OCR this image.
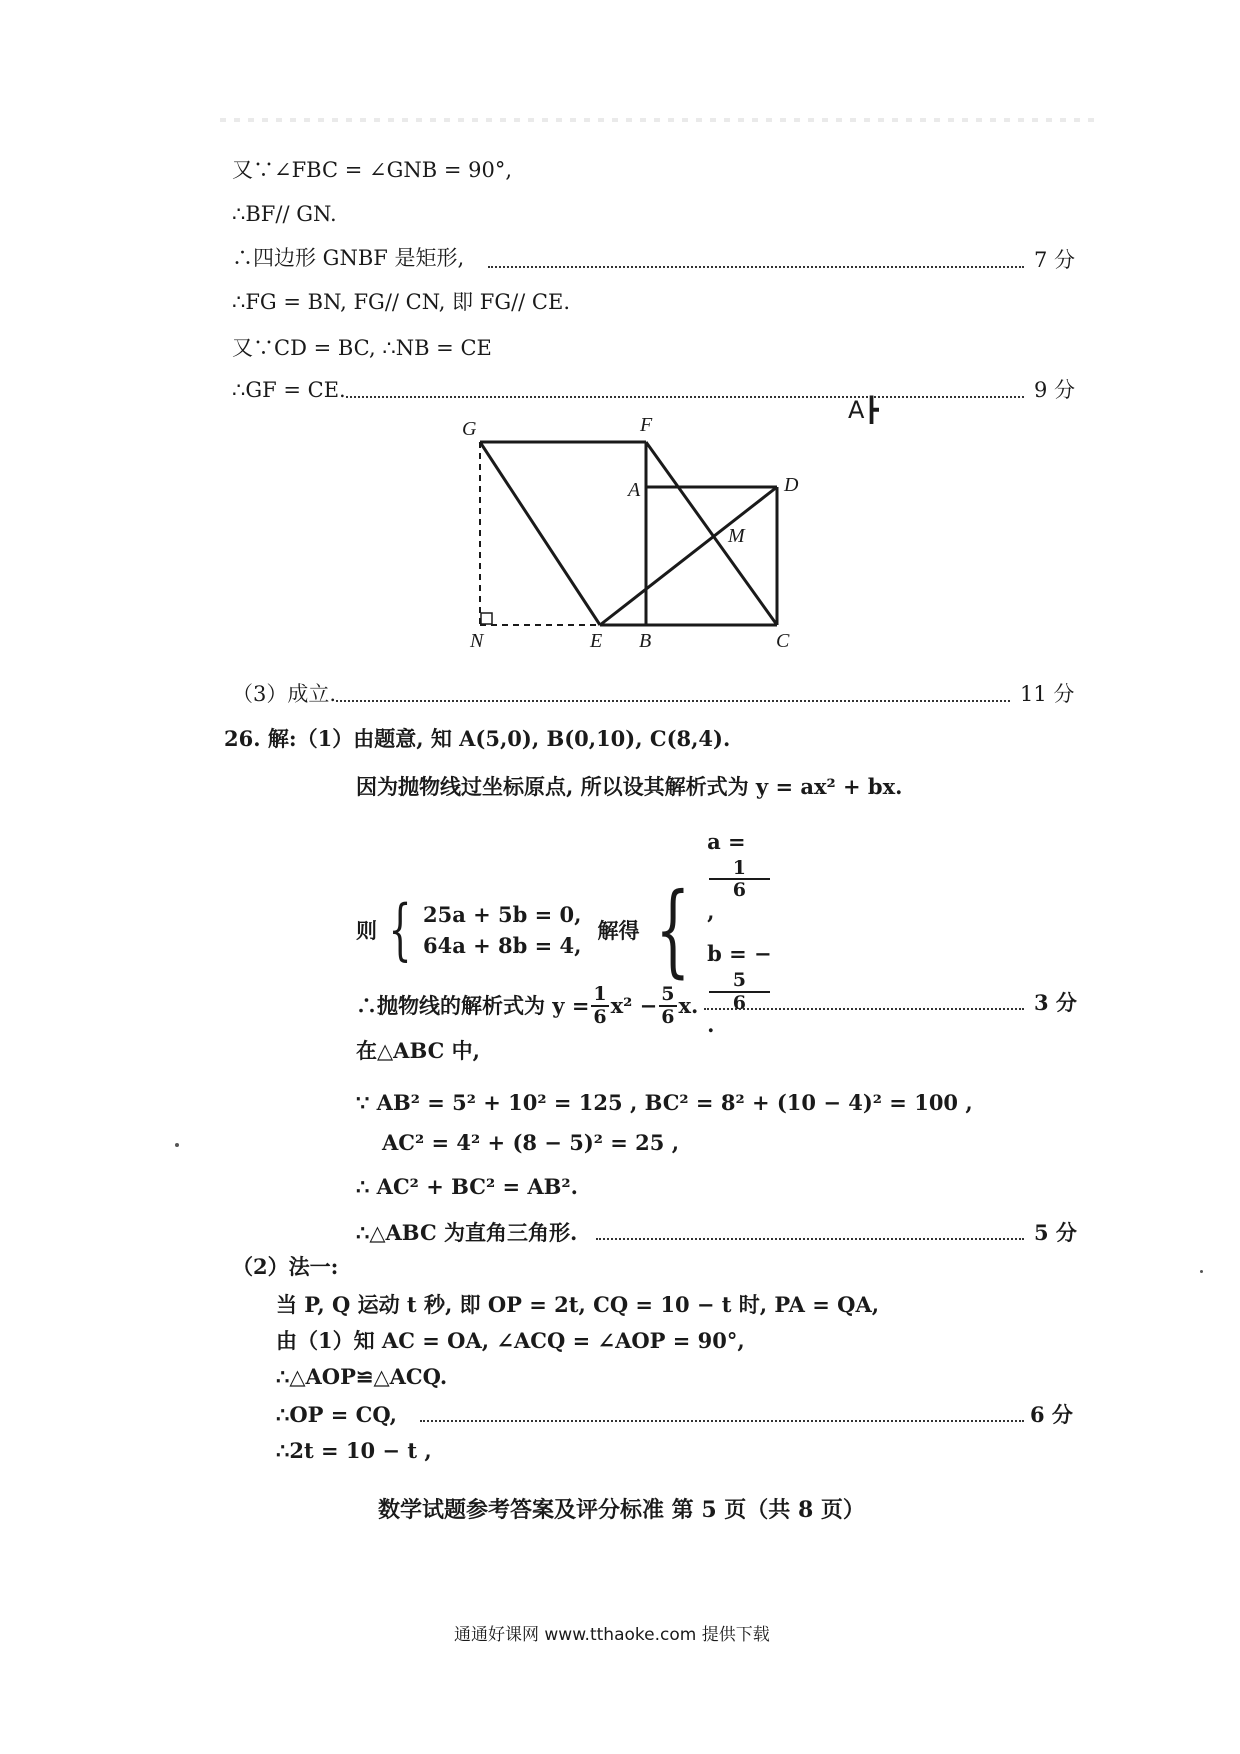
又∵∠FBC = ∠GNB = 90°,
∴BF// GN.
∴四边形 GNBF 是矩形,	7 分
∴FG = BN, FG// CN, 即 FG// CE.
又∵CD = BC, ∴NB = CE
∴GF = CE.	9 分
G	F
A	D
M
N	E B	C
A┣
（3）成立.	11 分
26. 解:（1）由题意, 知 A(5,0), B(0,10), C(8,4).
因为抛物线过坐标原点, 所以设其解析式为 y = ax² + bx.
则 { 25a + 5b = 0,
64a + 8b = 4,
解得 {
a =
1
6
,
b = −
5
6
.
∴抛物线的解析式为 $y = \frac{1}{6} x^2 - \frac{5}{6} x$.	3 分
在△ABC 中,
∵ AB² = 5² + 10² = 125 , BC² = 8² + (10 − 4)² = 100 ,
AC² = 4² + (8 − 5)² = 25 ,
∴ AC² + BC² = AB².
∴△ABC 为直角三角形.	5 分
（2）法一:
当 P, Q 运动 t 秒, 即 OP = 2t, CQ = 10 − t 时, PA = QA,
由（1）知 AC = OA, ∠ACQ = ∠AOP = 90°,
∴△AOP≌△ACQ.
∴OP = CQ,	6 分
∴2t = 10 − t ,
数学试题参考答案及评分标准 第 5 页（共 8 页）
通通好课网 www.tthaoke.com 提供下载
